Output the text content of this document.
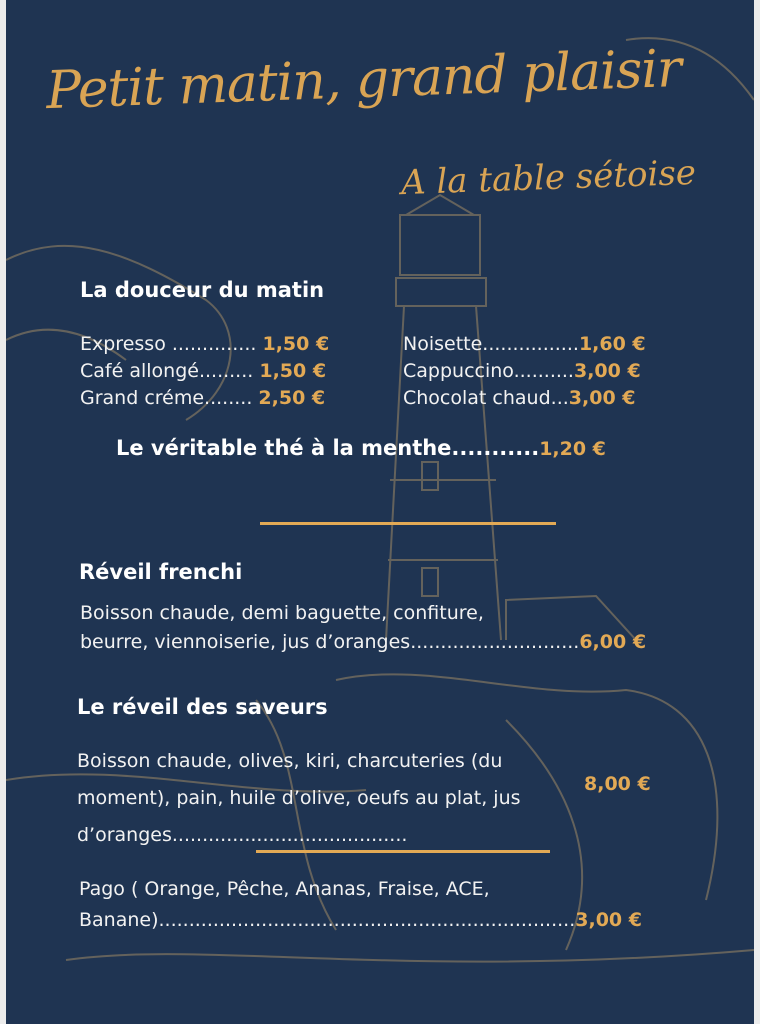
Petit matin, grand plaisir
A la table sétoise
La douceur du matin
Expresso .............. 1,50 €
Café allongé......... 1,50 €
Grand créme........ 2,50 €
Noisette................1,60 €
Cappuccino..........3,00 €
Chocolat chaud...3,00 €
Le véritable thé à la menthe...........1,20 €
Réveil frenchi
Boisson chaude, demi baguette, confiture,
beurre, viennoiserie, jus d’oranges............................6,00 €
Le réveil des saveurs
Boisson chaude, olives, kiri, charcuteries (du
moment), pain, huile d’olive, oeufs au plat, jus
d’oranges.......................................
8,00 €
Pago ( Orange, Pêche, Ananas, Fraise, ACE,
Banane).....................................................................3,00 €
